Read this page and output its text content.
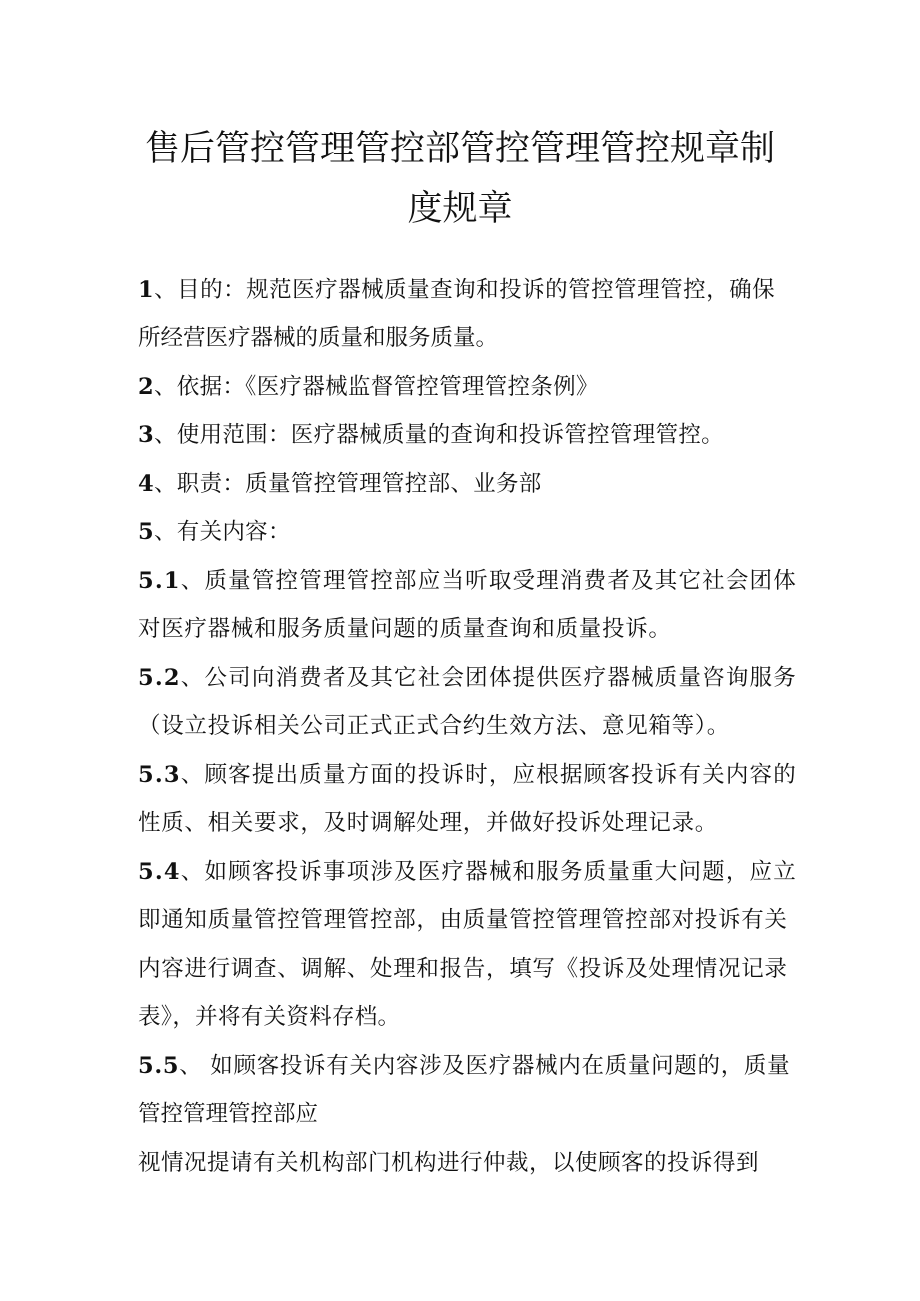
售后管控管理管控部管控管理管控规章制
度规章
1、目的：规范医疗器械质量查询和投诉的管控管理管控，确保
所经营医疗器械的质量和服务质量。
2、依据：《医疗器械监督管控管理管控条例》
3、使用范围：医疗器械质量的查询和投诉管控管理管控。
4、职责：质量管控管理管控部、业务部
5、有关内容：
5.1、质量管控管理管控部应当听取受理消费者及其它社会团体
对医疗器械和服务质量问题的质量查询和质量投诉。
5.2、公司向消费者及其它社会团体提供医疗器械质量咨询服务
（设立投诉相关公司正式正式合约生效方法、意见箱等）。
5.3、顾客提出质量方面的投诉时，应根据顾客投诉有关内容的
性质、相关要求，及时调解处理，并做好投诉处理记录。
5.4、如顾客投诉事项涉及医疗器械和服务质量重大问题，应立
即通知质量管控管理管控部，由质量管控管理管控部对投诉有关
内容进行调查、调解、处理和报告，填写《投诉及处理情况记录
表》，并将有关资料存档。
5.5、 如顾客投诉有关内容涉及医疗器械内在质量问题的，质量
管控管理管控部应
视情况提请有关机构部门机构进行仲裁，以使顾客的投诉得到
